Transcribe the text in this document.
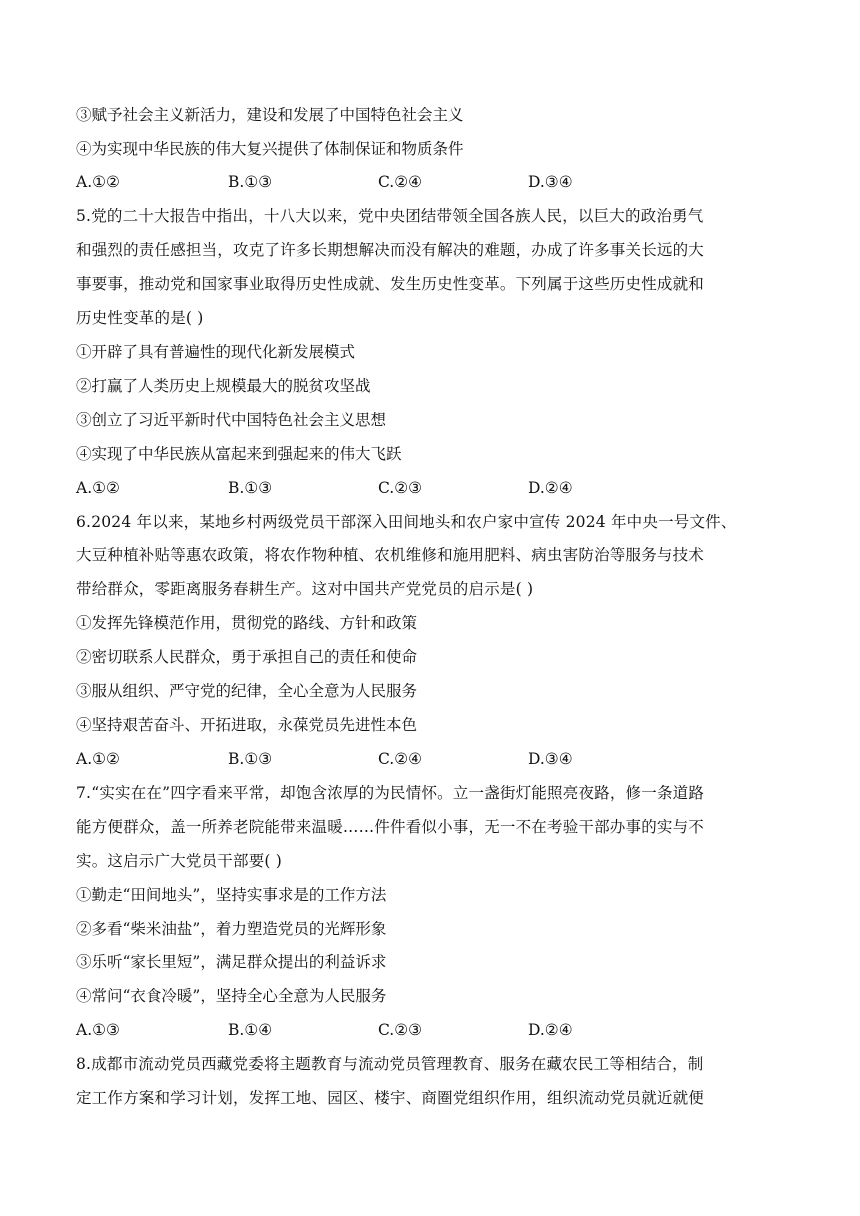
③赋予社会主义新活力，建设和发展了中国特色社会主义
④为实现中华民族的伟大复兴提供了体制保证和物质条件
A.①②	B.①③	C.②④	D.③④
5.党的二十大报告中指出，十八大以来，党中央团结带领全国各族人民，以巨大的政治勇气
和强烈的责任感担当，攻克了许多长期想解决而没有解决的难题，办成了许多事关长远的大
事要事，推动党和国家事业取得历史性成就、发生历史性变革。下列属于这些历史性成就和
历史性变革的是( )
①开辟了具有普遍性的现代化新发展模式
②打赢了人类历史上规模最大的脱贫攻坚战
③创立了习近平新时代中国特色社会主义思想
④实现了中华民族从富起来到强起来的伟大飞跃
A.①②	B.①③	C.②③	D.②④
6.2024 年以来，某地乡村两级党员干部深入田间地头和农户家中宣传 2024 年中央一号文件、
大豆种植补贴等惠农政策，将农作物种植、农机维修和施用肥料、病虫害防治等服务与技术
带给群众，零距离服务春耕生产。这对中国共产党党员的启示是( )
①发挥先锋模范作用，贯彻党的路线、方针和政策
②密切联系人民群众，勇于承担自己的责任和使命
③服从组织、严守党的纪律，全心全意为人民服务
④坚持艰苦奋斗、开拓进取，永葆党员先进性本色
A.①②	B.①③	C.②④	D.③④
7.“实实在在”四字看来平常，却饱含浓厚的为民情怀。立一盏街灯能照亮夜路，修一条道路
能方便群众，盖一所养老院能带来温暖……件件看似小事，无一不在考验干部办事的实与不
实。这启示广大党员干部要( )
①勤走“田间地头”，坚持实事求是的工作方法
②多看“柴米油盐”，着力塑造党员的光辉形象
③乐听“家长里短”，满足群众提出的利益诉求
④常问“衣食冷暖”，坚持全心全意为人民服务
A.①③	B.①④	C.②③	D.②④
8.成都市流动党员西藏党委将主题教育与流动党员管理教育、服务在藏农民工等相结合，制
定工作方案和学习计划，发挥工地、园区、楼宇、商圈党组织作用，组织流动党员就近就便
